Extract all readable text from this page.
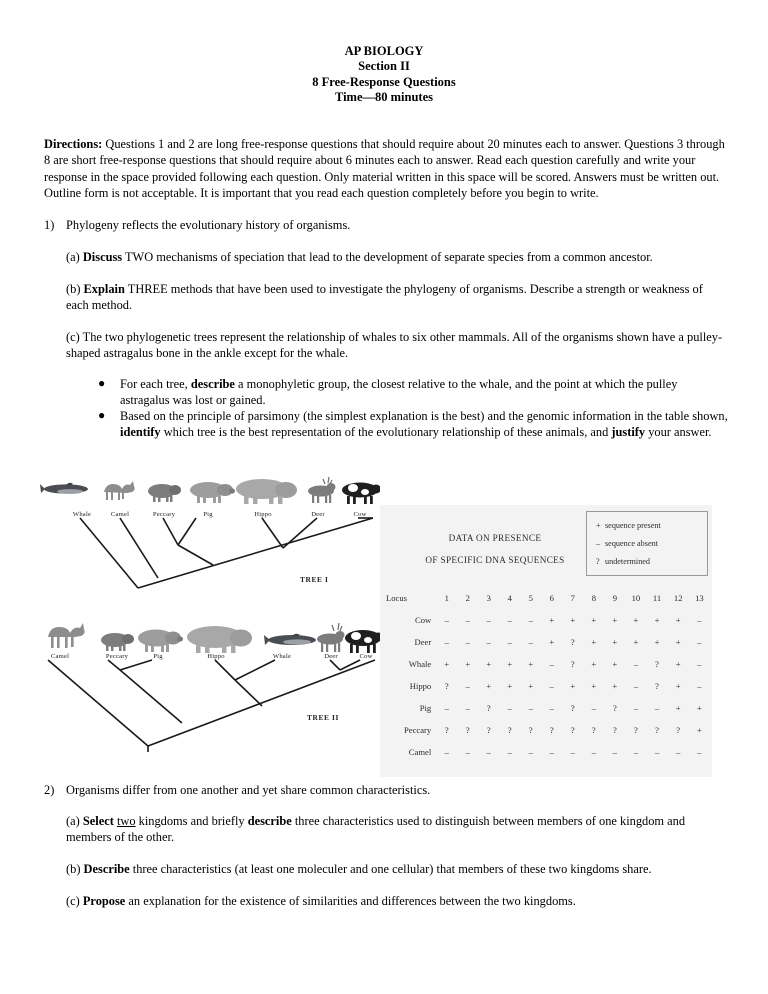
AP BIOLOGY
Section II
8 Free-Response Questions
Time—80 minutes

Directions: Questions 1 and 2 are long free-response questions that should require about 20 minutes each to answer. Questions 3 through 8 are short free-response questions that should require about 6 minutes each to answer. Read each question carefully and write your response in the space provided following each question. Only material written in this space will be scored. Answers must be written out. Outline form is not acceptable. It is important that you read each question completely before you begin to write.

1) Phylogeny reflects the evolutionary history of organisms.
(a) Discuss TWO mechanisms of speciation that lead to the development of separate species from a common ancestor.
(b) Explain THREE methods that have been used to investigate the phylogeny of organisms. Describe a strength or weakness of each method.
(c) The two phylogenetic trees represent the relationship of whales to six other mammals. All of the organisms shown have a pulley-shaped astragalus bone in the ankle except for the whale.
● For each tree, describe a monophyletic group, the closest relative to the whale, and the point at which the pulley astragalus was lost or gained.
● Based on the principle of parsimony (the simplest explanation is the best) and the genomic information in the table shown, identify which tree is the best representation of the evolutionary relationship of these animals, and justify your answer.
Whale	Camel	Peccary	Pig	Hippo	Deer	Cow
TREE I
Camel	Peccary	Pig	Hippo	Whale	Deer	Cow
TREE II
DATA ON PRESENCE
OF SPECIFIC DNA SEQUENCES
+ sequence present
– sequence absent
? undetermined
Locus	1	2	3	4	5	6	7	8	9	10	11	12	13
Cow	–	–	–	–	–	+	+	+	+	+	+	+	–
Deer	–	–	–	–	–	+	?	+	+	+	+	+	–
Whale	+	+	+	+	+	–	?	+	+	–	?	+	–
Hippo	?	–	+	+	+	–	+	+	+	–	?	+	–
Pig	–	–	?	–	–	–	?	–	?	–	–	+	+
Peccary	?	?	?	?	?	?	?	?	?	?	?	?	+
Camel	–	–	–	–	–	–	–	–	–	–	–	–	–
2) Organisms differ from one another and yet share common characteristics.
(a) Select two kingdoms and briefly describe three characteristics used to distinguish between members of one kingdom and members of the other.
(b) Describe three characteristics (at least one moleculer and one cellular) that members of these two kingdoms share.
(c) Propose an explanation for the existence of similarities and differences between the two kingdoms.
